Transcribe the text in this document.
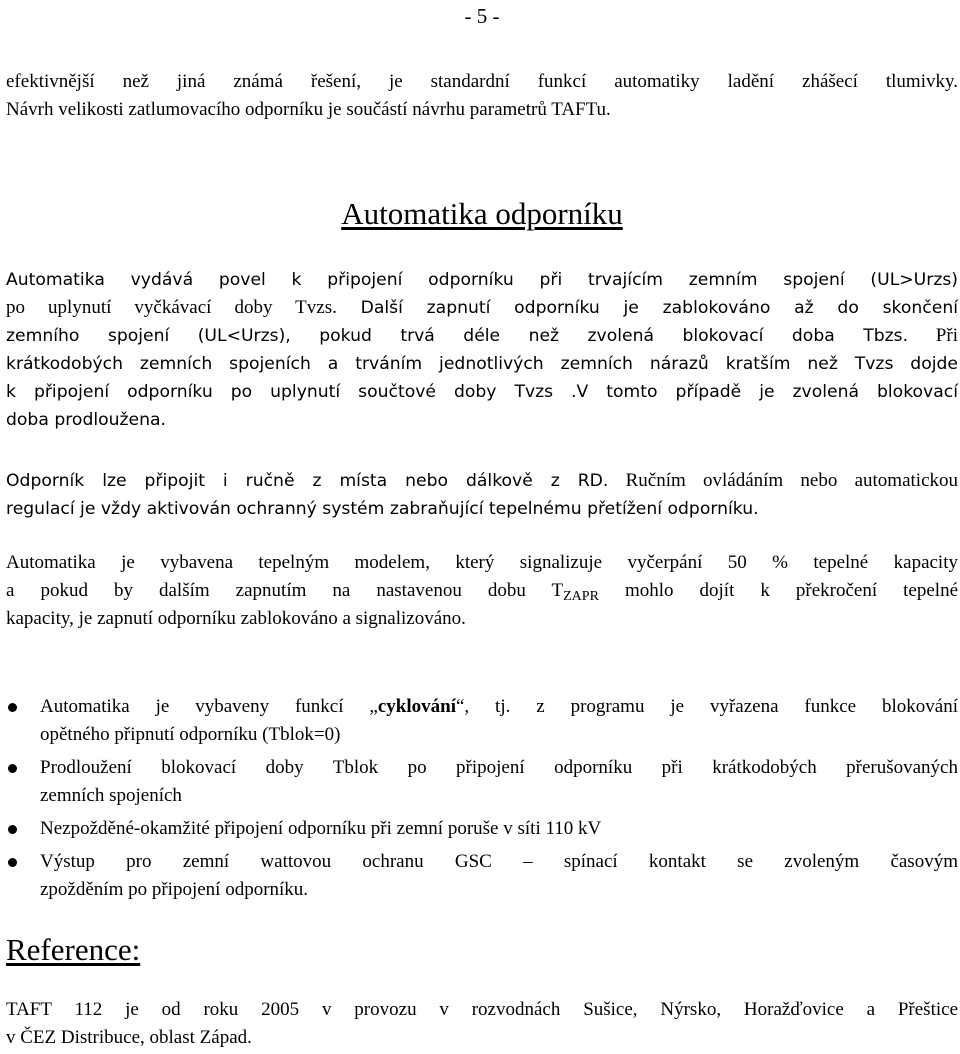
- 5 -

efektivnější než jiná známá řešení, je standardní funkcí automatiky ladění zhášecí tlumivky.

Návrh velikosti zatlumovacího odporníku je součástí návrhu parametrů TAFTu.

Automatika odporníku

Automatika vydává povel k připojení odporníku při trvajícím zemním spojení (UL>Urzs)

po uplynutí vyčkávací doby Tvzs. Další zapnutí odporníku je zablokováno až do skončení

zemního spojení (UL<Urzs), pokud trvá déle než zvolená blokovací doba Tbzs. Při

krátkodobých zemních spojeních a trváním jednotlivých zemních nárazů kratším než Tvzs dojde

k připojení odporníku po uplynutí součtové doby Tvzs .V tomto případě je zvolená blokovací

doba prodloužena.

Odporník lze připojit i ručně z místa nebo dálkově z RD. Ručním ovládáním nebo automatickou

regulací je vždy aktivován ochranný systém zabraňující tepelnému přetížení odporníku.

Automatika je vybavena tepelným modelem, který signalizuje vyčerpání 50 % tepelné kapacity

a pokud by dalším zapnutím na nastavenou dobu $T_{ZAPR}$ mohlo dojít k překročení tepelné

kapacity, je zapnutí odporníku zablokováno a signalizováno.

Automatika je vybaveny funkcí „cyklování“, tj. z programu je vyřazena funkce blokování

opětného připnutí odporníku (Tblok=0)

Prodloužení blokovací doby Tblok po připojení odporníku při krátkodobých přerušovaných

zemních spojeních

Nezpožděné-okamžité připojení odporníku při zemní poruše v síti 110 kV

Výstup pro zemní wattovou ochranu GSC – spínací kontakt se zvoleným časovým

zpožděním po připojení odporníku.

Reference:

TAFT 112 je od roku 2005 v provozu v rozvodnách Sušice, Nýrsko, Horažďovice a Přeštice

v ČEZ Distribuce, oblast Západ.
